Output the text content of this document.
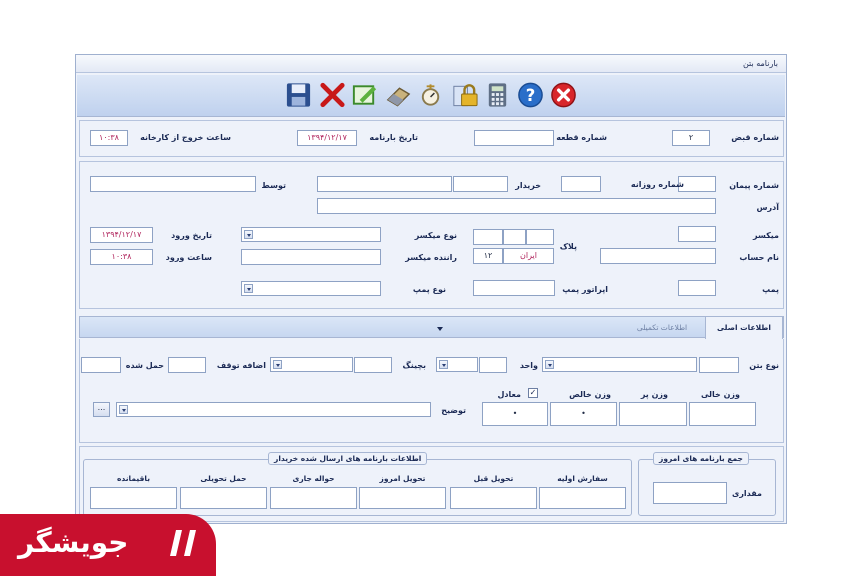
بارنامه بتن
?
شماره قبض
۲
شماره قطعه
تاریخ بارنامه
۱۳۹۴/۱۲/۱۷
ساعت خروج از کارخانه
۱۰:۳۸
شماره پیمان
شماره روزانه
خریدار
توسط
آدرس
میکسر
پلاک
ایران
۱۲
نوع میکسر
تاریخ ورود
۱۳۹۴/۱۲/۱۷
نام حساب
راننده میکسر
ساعت ورود
۱۰:۳۸
پمپ
اپراتور پمپ
نوع پمپ
اطلاعات اصلی
اطلاعات تکمیلی
نوع بتن
واحد
بچینگ
اضافه توقف
حمل شده
وزن خالی
وزن پر
وزن خالص
✓
معادل
•
•
توضیح
...
جمع بارنامه های امروز
مقداری
اطلاعات بارنامه های ارسال شده خریدار
سفارش اولیه
تحویل قبل
تحویل امروز
حواله جاری
حمل تحویلی
باقیمانده
جویشگر
